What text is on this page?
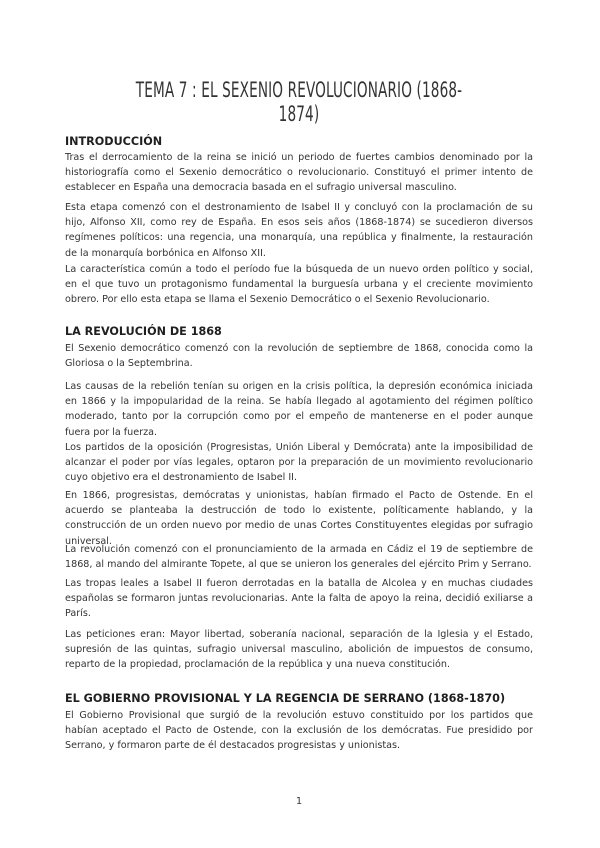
TEMA 7 : EL SEXENIO REVOLUCIONARIO (1868-1874)
INTRODUCCIÓN

Tras el derrocamiento de la reina se inició un periodo de fuertes cambios denominado por la historiografía como el Sexenio democrático o revolucionario. Constituyó el primer intento de establecer en España una democracia basada en el sufragio universal masculino.

Esta etapa comenzó con el destronamiento de Isabel II y concluyó con la proclamación de su hijo, Alfonso XII, como rey de España. En esos seis años (1868-1874) se sucedieron diversos regímenes políticos: una regencia, una monarquía, una república y finalmente, la restauración de la monarquía borbónica en Alfonso XII.

La característica común a todo el período fue la búsqueda de un nuevo orden político y social, en el que tuvo un protagonismo fundamental la burguesía urbana y el creciente movimiento obrero. Por ello esta etapa se llama el Sexenio Democrático o el Sexenio Revolucionario.

LA REVOLUCIÓN DE 1868

El Sexenio democrático comenzó con la revolución de septiembre de 1868, conocida como la Gloriosa o la Septembrina.

Las causas de la rebelión tenían su origen en la crisis política, la depresión económica iniciada en 1866 y la impopularidad de la reina. Se había llegado al agotamiento del régimen político moderado, tanto por la corrupción como por el empeño de mantenerse en el poder aunque fuera por la fuerza.

Los partidos de la oposición (Progresistas, Unión Liberal y Demócrata) ante la imposibilidad de alcanzar el poder por vías legales, optaron por la preparación de un movimiento revolucionario cuyo objetivo era el destronamiento de Isabel II.

En 1866, progresistas, demócratas y unionistas, habían firmado el Pacto de Ostende. En el acuerdo se planteaba la destrucción de todo lo existente, políticamente hablando, y la construcción de un orden nuevo por medio de unas Cortes Constituyentes elegidas por sufragio universal.

La revolución comenzó con el pronunciamiento de la armada en Cádiz el 19 de septiembre de 1868, al mando del almirante Topete, al que se unieron los generales del ejército Prim y Serrano.

Las tropas leales a Isabel II fueron derrotadas en la batalla de Alcolea y en muchas ciudades españolas se formaron juntas revolucionarias. Ante la falta de apoyo la reina, decidió exiliarse a París.

Las peticiones eran: Mayor libertad, soberanía nacional, separación de la Iglesia y el Estado, supresión de las quintas, sufragio universal masculino, abolición de impuestos de consumo, reparto de la propiedad, proclamación de la república y una nueva constitución.

EL GOBIERNO PROVISIONAL Y LA REGENCIA DE SERRANO (1868-1870)

El Gobierno Provisional que surgió de la revolución estuvo constituido por los partidos que habían aceptado el Pacto de Ostende, con la exclusión de los demócratas. Fue presidido por Serrano, y formaron parte de él destacados progresistas y unionistas.

1
